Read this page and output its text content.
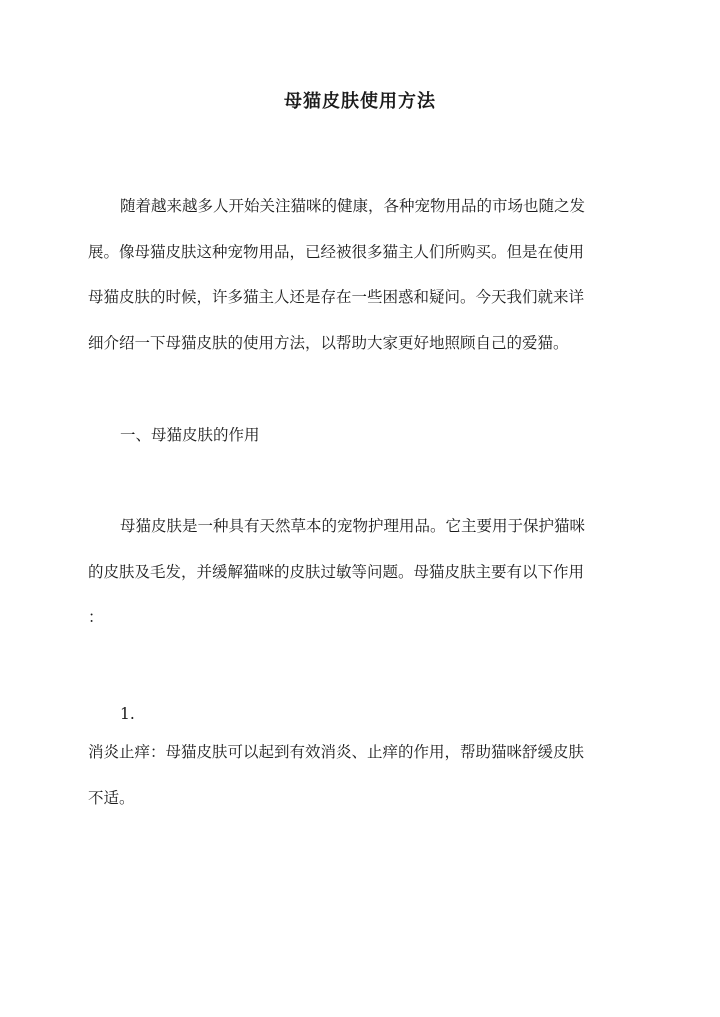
母猫皮肤使用方法
随着越来越多人开始关注猫咪的健康，各种宠物用品的市场也随之发
展。像母猫皮肤这种宠物用品，已经被很多猫主人们所购买。但是在使用
母猫皮肤的时候，许多猫主人还是存在一些困惑和疑问。今天我们就来详
细介绍一下母猫皮肤的使用方法，以帮助大家更好地照顾自己的爱猫。
一、母猫皮肤的作用
母猫皮肤是一种具有天然草本的宠物护理用品。它主要用于保护猫咪
的皮肤及毛发，并缓解猫咪的皮肤过敏等问题。母猫皮肤主要有以下作用
：
1.
消炎止痒：母猫皮肤可以起到有效消炎、止痒的作用，帮助猫咪舒缓皮肤
不适。
